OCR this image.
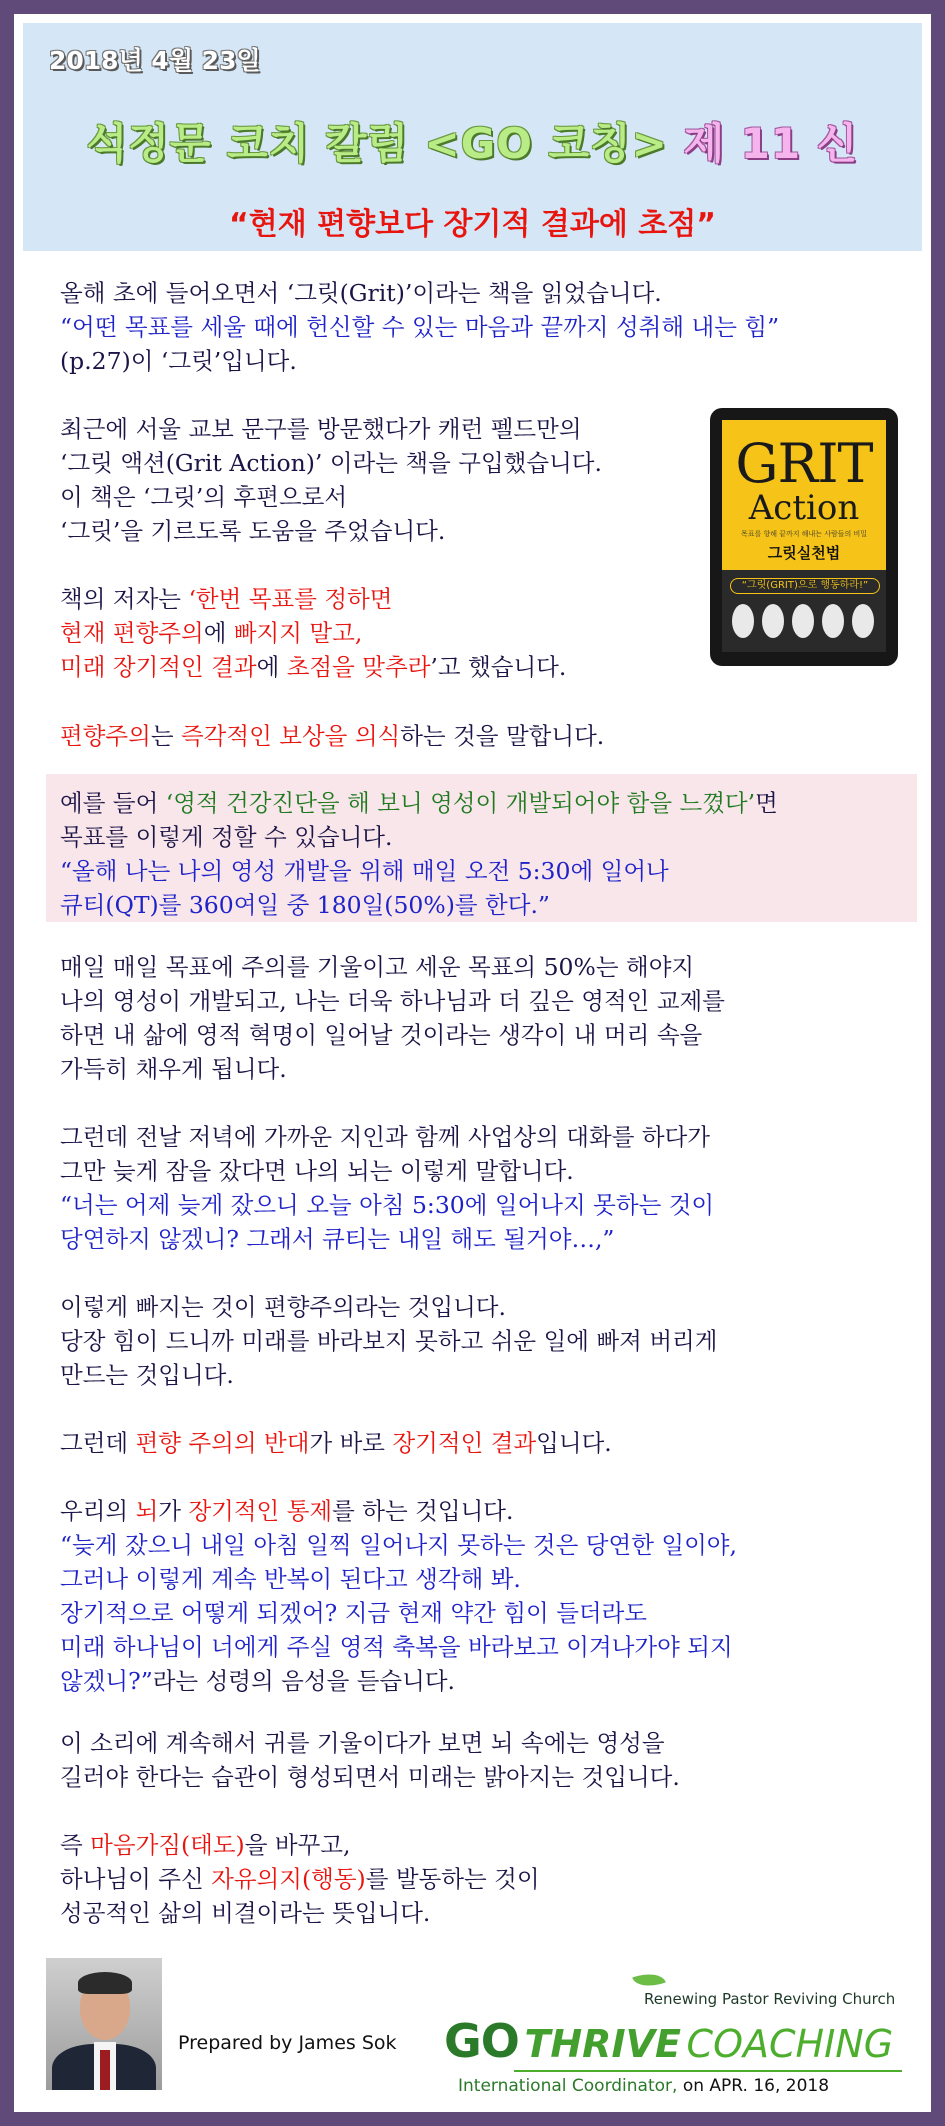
2018년 4월 23일
석정문 코치 칼럼 <GO 코칭> 제 11 신
“현재 편향보다 장기적 결과에 초점”

올해 초에 들어오면서 ‘그릿(Grit)’이라는 책을 읽었습니다.
“어떤 목표를 세울 때에 헌신할 수 있는 마음과 끝까지 성취해 내는 힘”
(p.27)이 ‘그릿’입니다.

최근에 서울 교보 문구를 방문했다가 캐런 펠드만의
‘그릿 액션(Grit Action)’ 이라는 책을 구입했습니다.
이 책은 ‘그릿’의 후편으로서
‘그릿’을 기르도록 도움을 주었습니다.

GRIT
Action
목표를 향해 끝까지 해내는 사람들의 비밀
그릿실천법
“그릿(GRIT)으로 행동하라!”

책의 저자는 ‘한번 목표를 정하면
현재 편향주의에 빠지지 말고,
미래 장기적인 결과에 초점을 맞추라’고 했습니다.

편향주의는 즉각적인 보상을 의식하는 것을 말합니다.

예를 들어 ‘영적 건강진단을 해 보니 영성이 개발되어야 함을 느꼈다’면
목표를 이렇게 정할 수 있습니다.
“올해 나는 나의 영성 개발을 위해 매일 오전 5:30에 일어나
큐티(QT)를 360여일 중 180일(50%)를 한다.”

매일 매일 목표에 주의를 기울이고 세운 목표의 50%는 해야지
나의 영성이 개발되고, 나는 더욱 하나님과 더 깊은 영적인 교제를
하면 내 삶에 영적 혁명이 일어날 것이라는 생각이 내 머리 속을
가득히 채우게 됩니다.

그런데 전날 저녁에 가까운 지인과 함께 사업상의 대화를 하다가
그만 늦게 잠을 잤다면 나의 뇌는 이렇게 말합니다.
“너는 어제 늦게 잤으니 오늘 아침 5:30에 일어나지 못하는 것이
당연하지 않겠니? 그래서 큐티는 내일 해도 될거야…,”

이렇게 빠지는 것이 편향주의라는 것입니다.
당장 힘이 드니까 미래를 바라보지 못하고 쉬운 일에 빠져 버리게
만드는 것입니다.

그런데 편향 주의의 반대가 바로 장기적인 결과입니다.

우리의 뇌가 장기적인 통제를 하는 것입니다.
“늦게 잤으니 내일 아침 일찍 일어나지 못하는 것은 당연한 일이야,
그러나 이렇게 계속 반복이 된다고 생각해 봐.
장기적으로 어떻게 되겠어? 지금 현재 약간 힘이 들더라도
미래 하나님이 너에게 주실 영적 축복을 바라보고 이겨나가야 되지
않겠니?”라는 성령의 음성을 듣습니다.

이 소리에 계속해서 귀를 기울이다가 보면 뇌 속에는 영성을
길러야 한다는 습관이 형성되면서 미래는 밝아지는 것입니다.

즉 마음가짐(태도)을 바꾸고,
하나님이 주신 자유의지(행동)를 발동하는 것이
성공적인 삶의 비결이라는 뜻입니다.

Prepared by James Sok
Renewing Pastor Reviving Church
GO THRIVE COACHING
International Coordinator, on APR. 16, 2018
